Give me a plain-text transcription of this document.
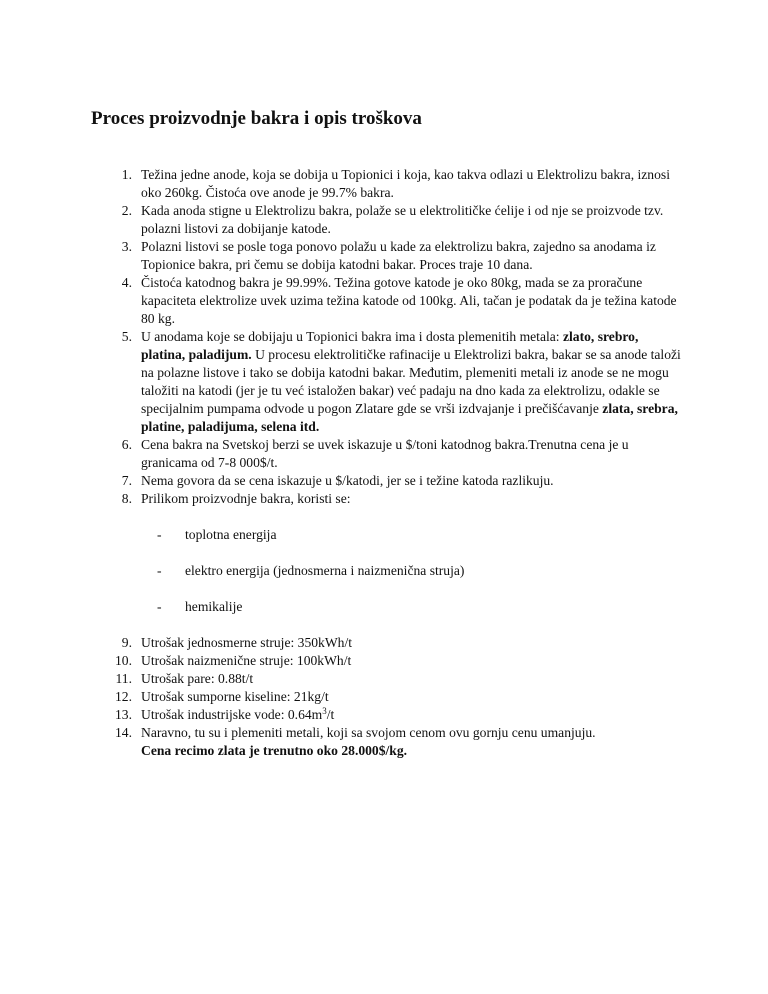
Proces proizvodnje bakra i opis troškova
1. Težina jedne anode, koja se dobija u Topionici i koja, kao takva odlazi u Elektrolizu bakra, iznosi oko 260kg. Čistoća ove anode je 99.7% bakra.
2. Kada anoda stigne u Elektrolizu bakra, polaže se u elektrolitičke ćelije i od nje se proizvode tzv. polazni listovi za dobijanje katode.
3. Polazni listovi se posle toga ponovo polažu u kade za elektrolizu bakra, zajedno sa anodama iz Topionice bakra, pri čemu se dobija katodni bakar. Proces traje 10 dana.
4. Čistoća katodnog bakra je 99.99%. Težina gotove katode je oko 80kg, mada se za proračune kapaciteta elektrolize uvek uzima težina katode od 100kg. Ali, tačan je podatak da je težina katode 80 kg.
5. U anodama koje se dobijaju u Topionici bakra ima i dosta plemenitih metala: zlato, srebro, platina, paladijum. U procesu elektrolitičke rafinacije u Elektrolizi bakra, bakar se sa anode taloži na polazne listove i tako se dobija katodni bakar. Međutim, plemeniti metali iz anode se ne mogu taložiti na katodi (jer je tu već istaložen bakar) već padaju na dno kada za elektrolizu, odakle se specijalnim pumpama odvode u pogon Zlatare gde se vrši izdvajanje i prečišćavanje zlata, srebra, platine, paladijuma, selena itd.
6. Cena bakra na Svetskoj berzi se uvek iskazuje u $/toni katodnog bakra.Trenutna cena je u granicama od 7-8 000$/t.
7. Nema govora da se cena iskazuje u $/katodi, jer se i težine katoda razlikuju.
8. Prilikom proizvodnje bakra, koristi se:
- toplotna energija
- elektro energija (jednosmerna i naizmenična struja)
- hemikalije
9. Utrošak jednosmerne struje: 350kWh/t
10. Utrošak naizmenične struje: 100kWh/t
11. Utrošak pare: 0.88t/t
12. Utrošak sumporne kiseline: 21kg/t
13. Utrošak industrijske vode: $0.64m^3/t$
14. Naravno, tu su i plemeniti metali, koji sa svojom cenom ovu gornju cenu umanjuju.
Cena recimo zlata je trenutno oko 28.000$/kg.
